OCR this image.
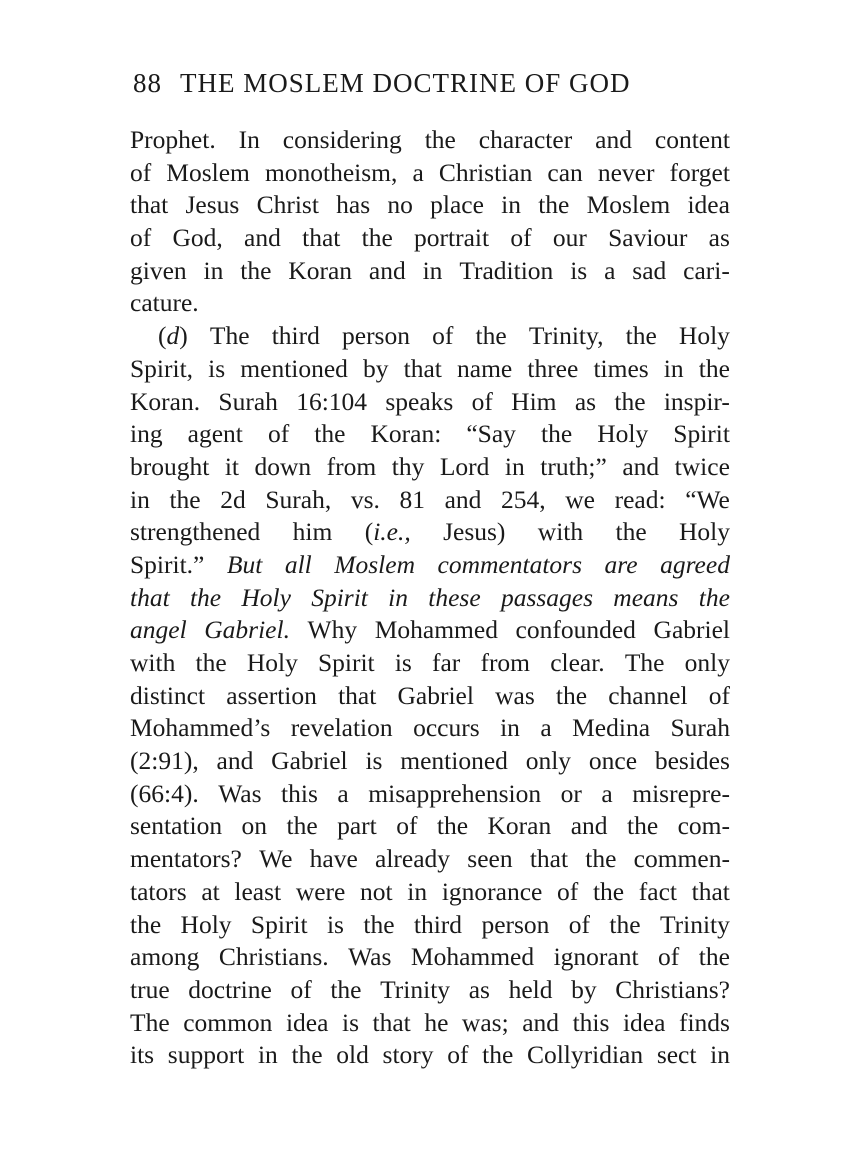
88 THE MOSLEM DOCTRINE OF GOD
Prophet. In considering the character and content
of Moslem monotheism, a Christian can never forget
that Jesus Christ has no place in the Moslem idea
of God, and that the portrait of our Saviour as
given in the Koran and in Tradition is a sad cari-
cature.
(d) The third person of the Trinity, the Holy
Spirit, is mentioned by that name three times in the
Koran. Surah 16:104 speaks of Him as the inspir-
ing agent of the Koran: “Say the Holy Spirit
brought it down from thy Lord in truth;” and twice
in the 2d Surah, vs. 81 and 254, we read: “We
strengthened him (i.e., Jesus) with the Holy
Spirit.” But all Moslem commentators are agreed
that the Holy Spirit in these passages means the
angel Gabriel. Why Mohammed confounded Gabriel
with the Holy Spirit is far from clear. The only
distinct assertion that Gabriel was the channel of
Mohammed’s revelation occurs in a Medina Surah
(2:91), and Gabriel is mentioned only once besides
(66:4). Was this a misapprehension or a misrepre-
sentation on the part of the Koran and the com-
mentators? We have already seen that the commen-
tators at least were not in ignorance of the fact that
the Holy Spirit is the third person of the Trinity
among Christians. Was Mohammed ignorant of the
true doctrine of the Trinity as held by Christians?
The common idea is that he was; and this idea finds
its support in the old story of the Collyridian sect in
